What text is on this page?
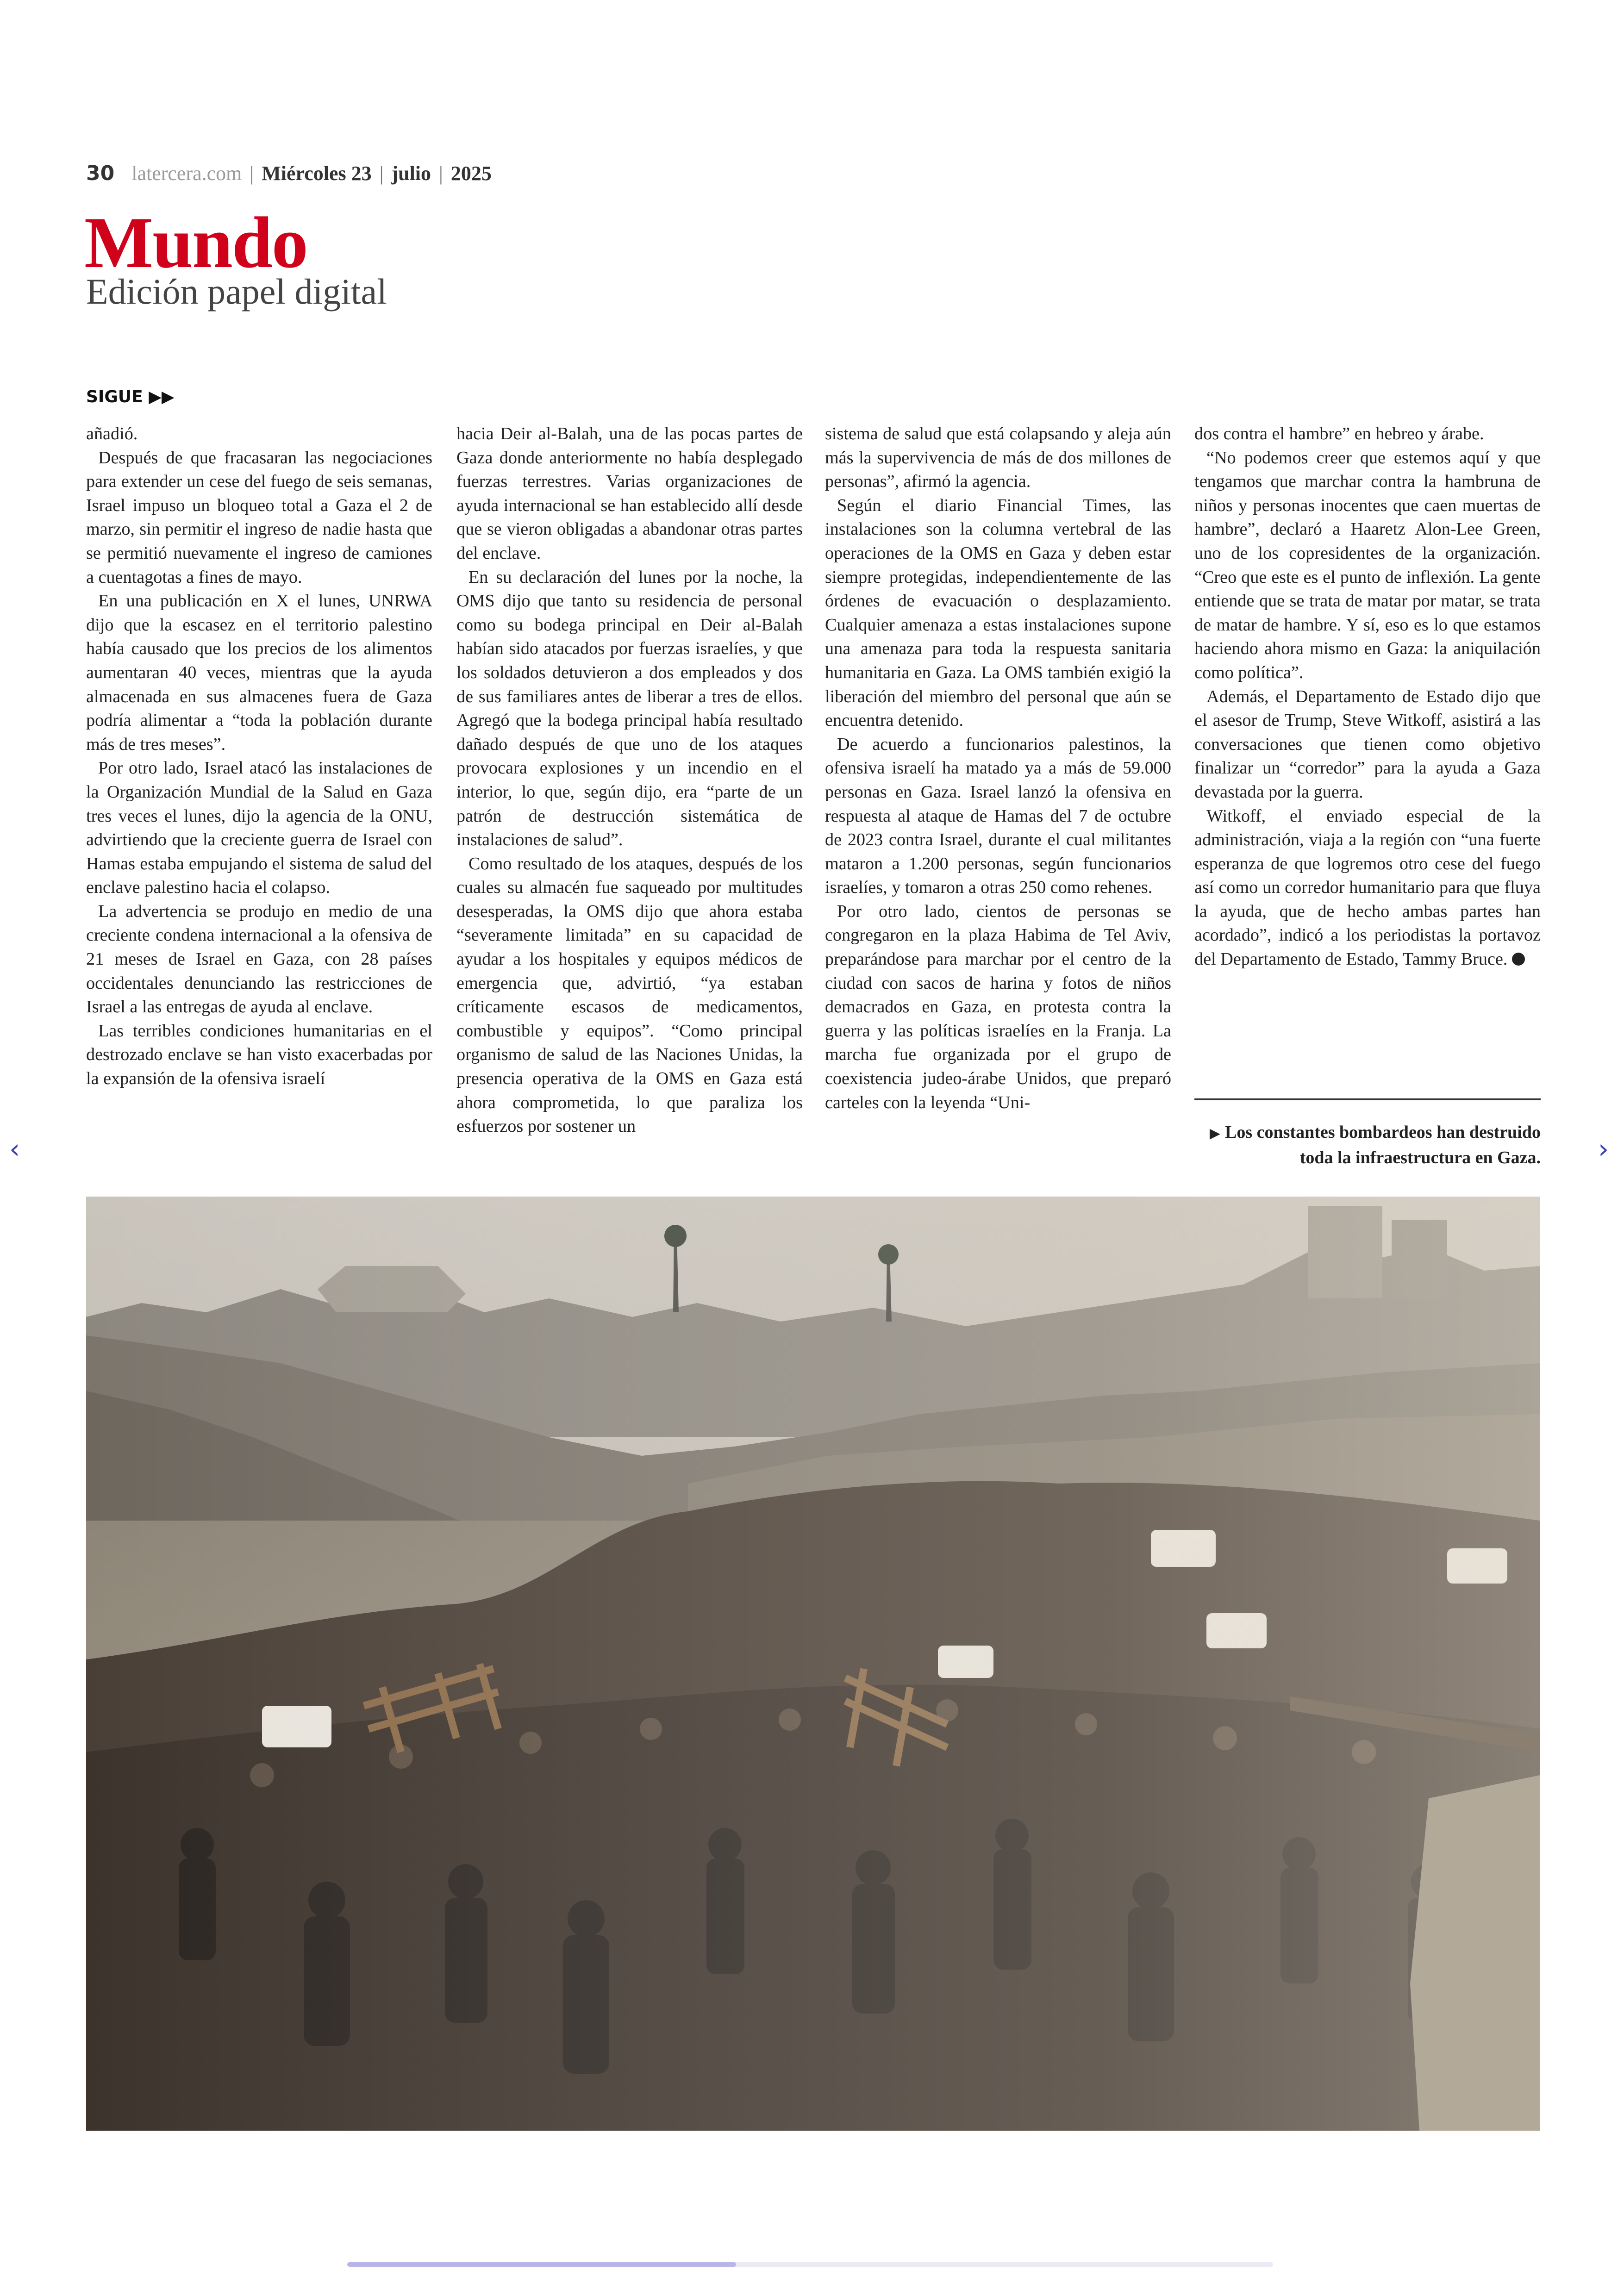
30 latercera.com | Miércoles 23 | julio | 2025
Mundo
Edición papel digital
SIGUE ▶▶

añadió.

Después de que fracasaran las negociaciones para extender un cese del fuego de seis semanas, Israel impuso un bloqueo total a Gaza el 2 de marzo, sin permitir el ingreso de nadie hasta que se permitió nuevamente el ingreso de camiones a cuentagotas a fines de mayo.

En una publicación en X el lunes, UNRWA dijo que la escasez en el territorio palestino había causado que los precios de los alimentos aumentaran 40 veces, mientras que la ayuda almacenada en sus almacenes fuera de Gaza podría alimentar a “toda la población durante más de tres meses”.

Por otro lado, Israel atacó las instalaciones de la Organización Mundial de la Salud en Gaza tres veces el lunes, dijo la agencia de la ONU, advirtiendo que la creciente guerra de Israel con Hamas estaba empujando el sistema de salud del enclave palestino hacia el colapso.

La advertencia se produjo en medio de una creciente condena internacional a la ofensiva de 21 meses de Israel en Gaza, con 28 países occidentales denunciando las restricciones de Israel a las entregas de ayuda al enclave.

Las terribles condiciones humanitarias en el destrozado enclave se han visto exacerbadas por la expansión de la ofensiva israelí

hacia Deir al-Balah, una de las pocas partes de Gaza donde anteriormente no había desplegado fuerzas terrestres. Varias organizaciones de ayuda internacional se han establecido allí desde que se vieron obligadas a abandonar otras partes del enclave.

En su declaración del lunes por la noche, la OMS dijo que tanto su residencia de personal como su bodega principal en Deir al-Balah habían sido atacados por fuerzas israelíes, y que los soldados detuvieron a dos empleados y dos de sus familiares antes de liberar a tres de ellos. Agregó que la bodega principal había resultado dañado después de que uno de los ataques provocara explosiones y un incendio en el interior, lo que, según dijo, era “parte de un patrón de destrucción sistemática de instalaciones de salud”.

Como resultado de los ataques, después de los cuales su almacén fue saqueado por multitudes desesperadas, la OMS dijo que ahora estaba “severamente limitada” en su capacidad de ayudar a los hospitales y equipos médicos de emergencia que, advirtió, “ya estaban críticamente escasos de medicamentos, combustible y equipos”. “Como principal organismo de salud de las Naciones Unidas, la presencia operativa de la OMS en Gaza está ahora comprometida, lo que paraliza los esfuerzos por sostener un

sistema de salud que está colapsando y aleja aún más la supervivencia de más de dos millones de personas”, afirmó la agencia.

Según el diario Financial Times, las instalaciones son la columna vertebral de las operaciones de la OMS en Gaza y deben estar siempre protegidas, independientemente de las órdenes de evacuación o desplazamiento. Cualquier amenaza a estas instalaciones supone una amenaza para toda la respuesta sanitaria humanitaria en Gaza. La OMS también exigió la liberación del miembro del personal que aún se encuentra detenido.

De acuerdo a funcionarios palestinos, la ofensiva israelí ha matado ya a más de 59.000 personas en Gaza. Israel lanzó la ofensiva en respuesta al ataque de Hamas del 7 de octubre de 2023 contra Israel, durante el cual militantes mataron a 1.200 personas, según funcionarios israelíes, y tomaron a otras 250 como rehenes.

Por otro lado, cientos de personas se congregaron en la plaza Habima de Tel Aviv, preparándose para marchar por el centro de la ciudad con sacos de harina y fotos de niños demacrados en Gaza, en protesta contra la guerra y las políticas israelíes en la Franja. La marcha fue organizada por el grupo de coexistencia judeo-árabe Unidos, que preparó carteles con la leyenda “Uni-

dos contra el hambre” en hebreo y árabe.

“No podemos creer que estemos aquí y que tengamos que marchar contra la hambruna de niños y personas inocentes que caen muertas de hambre”, declaró a Haaretz Alon-Lee Green, uno de los copresidentes de la organización. “Creo que este es el punto de inflexión. La gente entiende que se trata de matar por matar, se trata de matar de hambre. Y sí, eso es lo que estamos haciendo ahora mismo en Gaza: la aniquilación como política”.

Además, el Departamento de Estado dijo que el asesor de Trump, Steve Witkoff, asistirá a las conversaciones que tienen como objetivo finalizar un “corredor” para la ayuda a Gaza devastada por la guerra.

Witkoff, el enviado especial de la administración, viaja a la región con “una fuerte esperanza de que logremos otro cese del fuego así como un corredor humanitario para que fluya la ayuda, que de hecho ambas partes han acordado”, indicó a los periodistas la portavoz del Departamento de Estado, Tammy Bruce.

▶ Los constantes bombardeos han destruido toda la infraestructura en Gaza.
‹	›
